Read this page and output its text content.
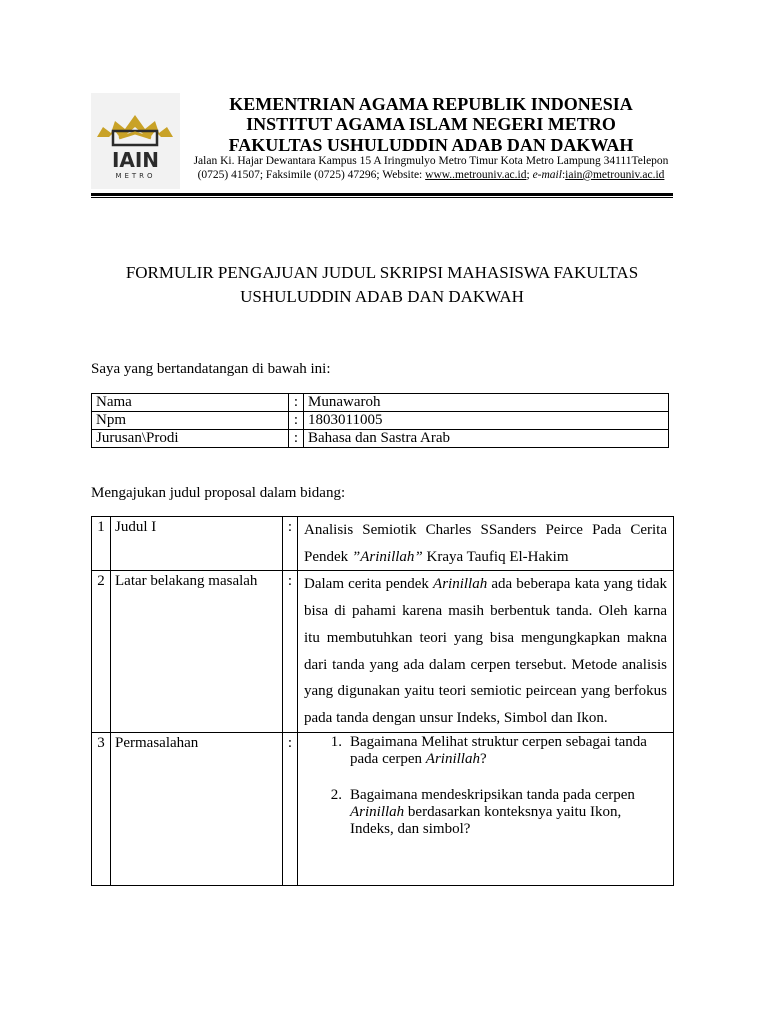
IAIN
METRO
KEMENTRIAN AGAMA REPUBLIK INDONESIA
INSTITUT AGAMA ISLAM NEGERI METRO
FAKULTAS USHULUDDIN ADAB DAN DAKWAH
Jalan Ki. Hajar Dewantara Kampus 15 A Iringmulyo Metro Timur Kota Metro Lampung 34111Telepon
(0725) 41507; Faksimile (0725) 47296; Website: www..metrouniv.ac.id; e-mail:iain@metrouniv.ac.id
FORMULIR PENGAJUAN JUDUL SKRIPSI MAHASISWA FAKULTAS
USHULUDDIN ADAB DAN DAKWAH
Saya yang bertandatangan di bawah ini:
Nama	:	Munawaroh
Npm	:	1803011005
Jurusan\Prodi	:	Bahasa dan Sastra Arab
Mengajukan judul proposal dalam bidang:
1	Judul I	:	Analisis Semiotik Charles SSanders Peirce Pada Cerita Pendek ”Arinillah” Kraya Taufiq El-Hakim
2	Latar belakang masalah	:	Dalam cerita pendek Arinillah ada beberapa kata yang tidak bisa di pahami karena masih berbentuk tanda. Oleh karna itu membutuhkan teori yang bisa mengungkapkan makna dari tanda yang ada dalam cerpen tersebut. Metode analisis yang digunakan yaitu teori semiotic peircean yang berfokus pada tanda dengan unsur Indeks, Simbol dan Ikon.
3	Permasalahan	:	1. Bagaimana Melihat struktur cerpen sebagai tanda pada cerpen Arinillah?
2. Bagaimana mendeskripsikan tanda pada cerpen Arinillah berdasarkan konteksnya yaitu Ikon, Indeks, dan simbol?
